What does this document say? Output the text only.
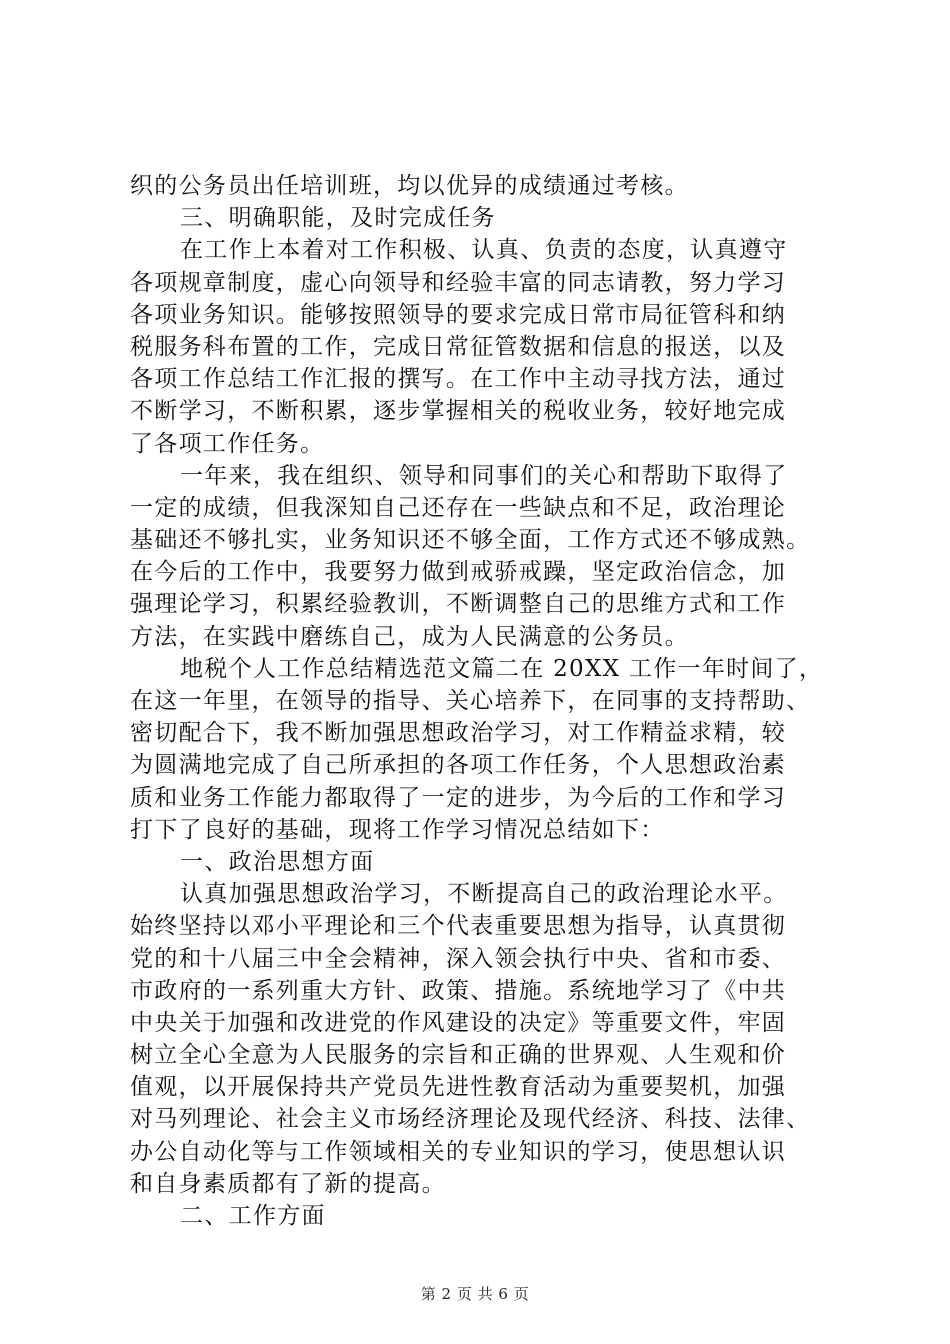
织的公务员出任培训班，均以优异的成绩通过考核。
三、明确职能，及时完成任务
在工作上本着对工作积极、认真、负责的态度，认真遵守
各项规章制度，虚心向领导和经验丰富的同志请教，努力学习
各项业务知识。能够按照领导的要求完成日常市局征管科和纳
税服务科布置的工作，完成日常征管数据和信息的报送，以及
各项工作总结工作汇报的撰写。在工作中主动寻找方法，通过
不断学习，不断积累，逐步掌握相关的税收业务，较好地完成
了各项工作任务。
一年来，我在组织、领导和同事们的关心和帮助下取得了
一定的成绩，但我深知自己还存在一些缺点和不足，政治理论
基础还不够扎实，业务知识还不够全面，工作方式还不够成熟。
在今后的工作中，我要努力做到戒骄戒躁，坚定政治信念，加
强理论学习，积累经验教训，不断调整自己的思维方式和工作
方法，在实践中磨练自己，成为人民满意的公务员。
地税个人工作总结精选范文篇二在 20XX 工作一年时间了，
在这一年里，在领导的指导、关心培养下，在同事的支持帮助、
密切配合下，我不断加强思想政治学习，对工作精益求精，较
为圆满地完成了自己所承担的各项工作任务，个人思想政治素
质和业务工作能力都取得了一定的进步，为今后的工作和学习
打下了良好的基础，现将工作学习情况总结如下：
一、政治思想方面
认真加强思想政治学习，不断提高自己的政治理论水平。
始终坚持以邓小平理论和三个代表重要思想为指导，认真贯彻
党的和十八届三中全会精神，深入领会执行中央、省和市委、
市政府的一系列重大方针、政策、措施。系统地学习了《中共
中央关于加强和改进党的作风建设的决定》等重要文件，牢固
树立全心全意为人民服务的宗旨和正确的世界观、人生观和价
值观，以开展保持共产党员先进性教育活动为重要契机，加强
对马列理论、社会主义市场经济理论及现代经济、科技、法律、
办公自动化等与工作领域相关的专业知识的学习，使思想认识
和自身素质都有了新的提高。
二、工作方面
第 2 页 共 6 页
